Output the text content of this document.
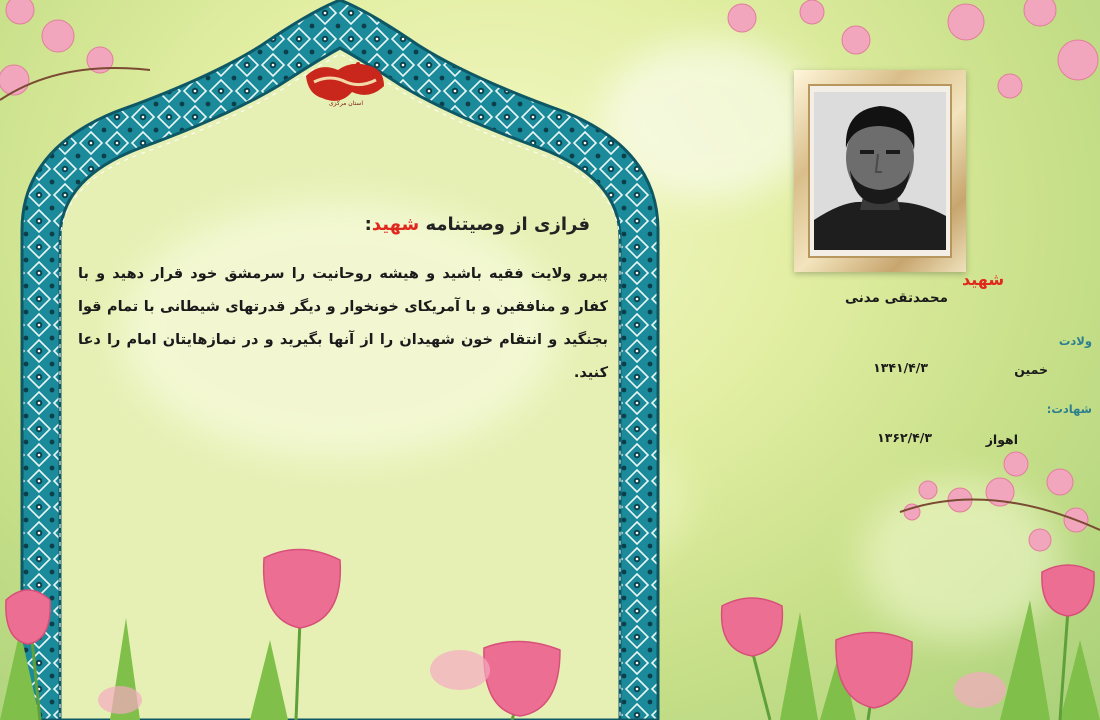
استان مرکزی
فرازی از وصیتنامه شهید:
پیرو ولایت فقیه باشید و هیشه روحانیت را سرمشق خود قرار دهید و با کفار و منافقین و با آمریکای خونخوار و دیگر قدرتهای شیطانی با تمام قوا بجنگید و انتقام خون شهیدان را از آنها بگیرید و در نمازهایتان امام را دعا کنید.
شهید
محمدتقی مدنی
ولادت
خمین
۱۳۴۱/۴/۳
شهادت:
اهواز
۱۳۶۲/۴/۳
